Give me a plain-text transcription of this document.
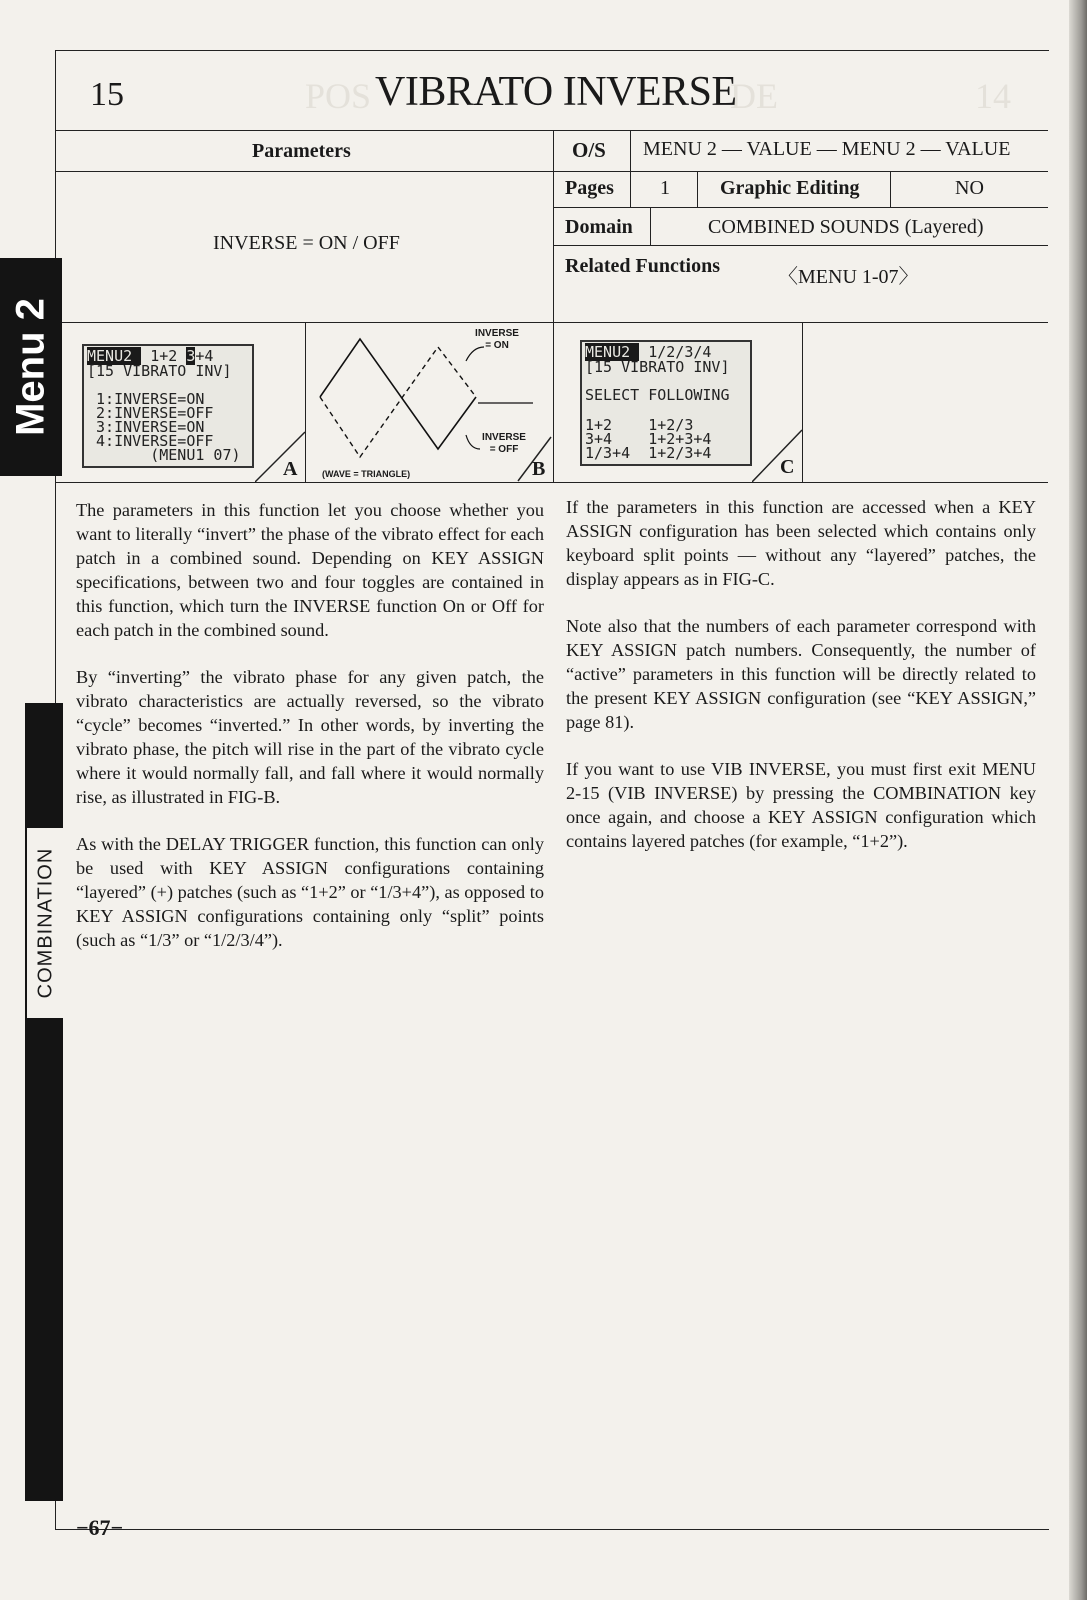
POS	DE	14
15	VIBRATO INVERSE
Parameters
INVERSE = ON / OFF
O/S MENU 2 — VALUE — MENU 2 — VALUE
Pages 1	Graphic Editing	NO
Domain	COMBINED SOUNDS (Layered)
Related Functions	〈MENU 1-07〉
MENU2  1+2 3+4
[15 VIBRATO INV]
1:INVERSE=ON
2:INVERSE=OFF
3:INVERSE=ON
4:INVERSE=OFF
(MENU1 07)
A
INVERSE = ON
INVERSE = OFF
(WAVE = TRIANGLE)	B
MENU2  1/2/3/4
[15 VIBRATO INV]
SELECT FOLLOWING
1+2    1+2/3
3+4    1+2+3+4
1/3+4  1+2/3+4
C

The parameters in this function let you choose whether you want to literally “invert” the phase of the vibrato effect for each patch in a combined sound. Depending on KEY ASSIGN specifications, between two and four toggles are contained in this function, which turn the INVERSE function On or Off for each patch in the combined sound.

By “inverting” the vibrato phase for any given patch, the vibrato characteristics are actually reversed, so the vibrato “cycle” becomes “inverted.” In other words, by inverting the vibrato phase, the pitch will rise in the part of the vibrato cycle where it would normally fall, and fall where it would normally rise, as illustrated in FIG-B.

As with the DELAY TRIGGER function, this function can only be used with KEY ASSIGN configurations containing “layered” (+) patches (such as “1+2” or “1/3+4”), as opposed to KEY ASSIGN configurations containing only “split” points (such as “1/3” or “1/2/3/4”).

If the parameters in this function are accessed when a KEY ASSIGN configuration has been selected which contains only keyboard split points — without any “layered” patches, the display appears as in FIG-C.

Note also that the numbers of each parameter correspond with KEY ASSIGN patch numbers. Consequently, the number of “active” parameters in this function will be directly related to the present KEY ASSIGN configuration (see “KEY ASSIGN,” page 81).

If you want to use VIB INVERSE, you must first exit MENU 2-15 (VIB INVERSE) by pressing the COMBINATION key once again, and choose a KEY ASSIGN configuration which contains layered patches (for example, “1+2”).

Menu 2
COMBINATION
−67−
